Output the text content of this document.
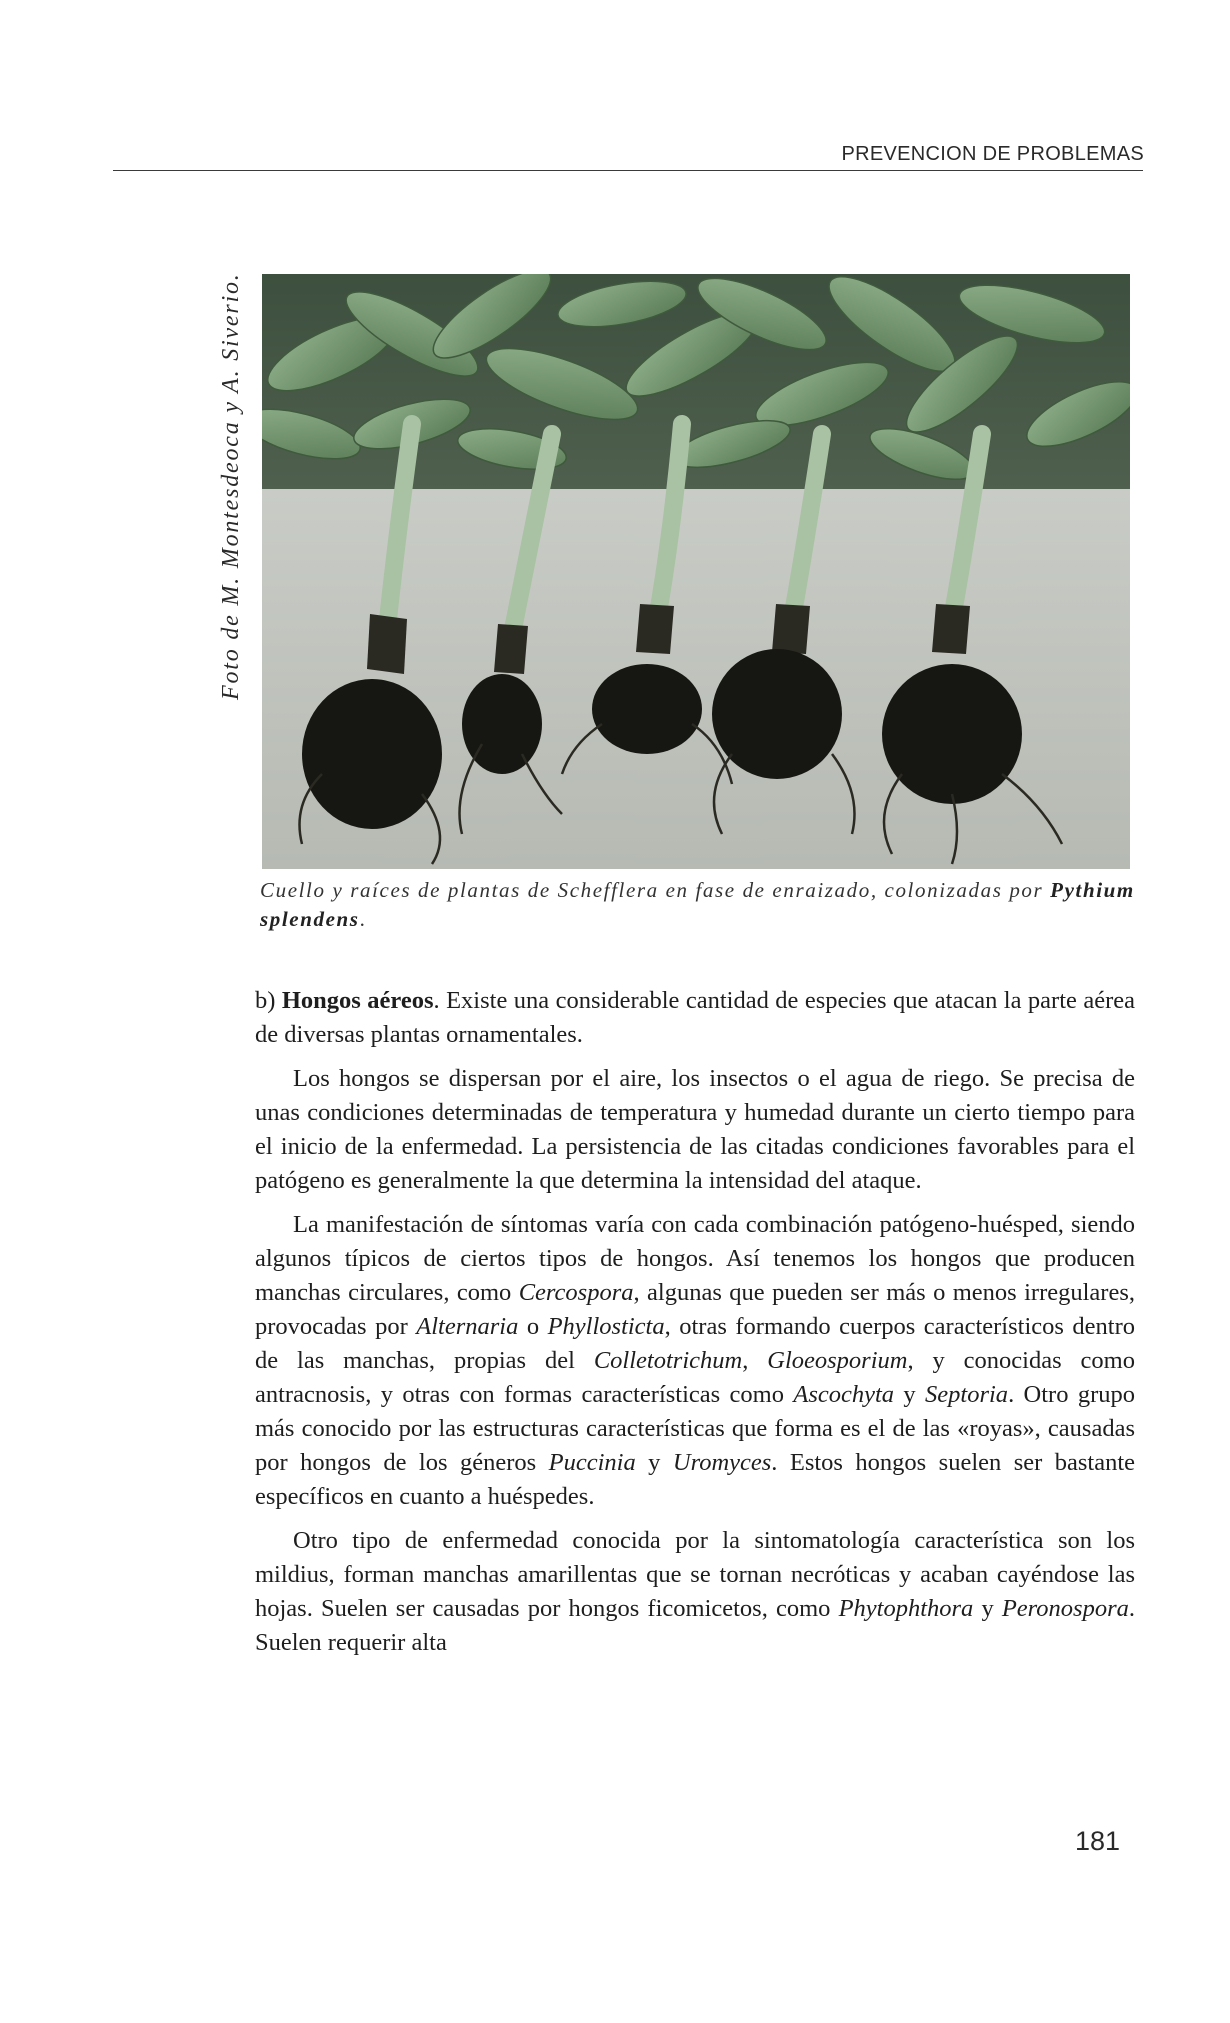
PREVENCION DE PROBLEMAS
Foto de M. Montesdeoca y A. Siverio.
Cuello y raíces de plantas de Schefflera en fase de enraizado, colonizadas por Pythium splendens.

b) Hongos aéreos. Existe una considerable cantidad de especies que atacan la parte aérea de diversas plantas ornamentales.

Los hongos se dispersan por el aire, los insectos o el agua de riego. Se precisa de unas condiciones determinadas de temperatura y humedad durante un cierto tiempo para el inicio de la enfermedad. La persistencia de las citadas condiciones favorables para el patógeno es generalmente la que determina la intensidad del ataque.

La manifestación de síntomas varía con cada combinación patógeno-huésped, siendo algunos típicos de ciertos tipos de hongos. Así tenemos los hongos que producen manchas circulares, como Cercospora, algunas que pueden ser más o menos irregulares, provocadas por Alternaria o Phyllosticta, otras formando cuerpos característicos dentro de las manchas, propias del Colletotrichum, Gloeosporium, y conocidas como antracnosis, y otras con formas características como Ascochyta y Septoria. Otro grupo más conocido por las estructuras características que forma es el de las «royas», causadas por hongos de los géneros Puccinia y Uromyces. Estos hongos suelen ser bastante específicos en cuanto a huéspedes.

Otro tipo de enfermedad conocida por la sintomatología característica son los mildius, forman manchas amarillentas que se tornan necróticas y acaban cayéndose las hojas. Suelen ser causadas por hongos ficomicetos, como Phytophthora y Peronospora. Suelen requerir alta

181
